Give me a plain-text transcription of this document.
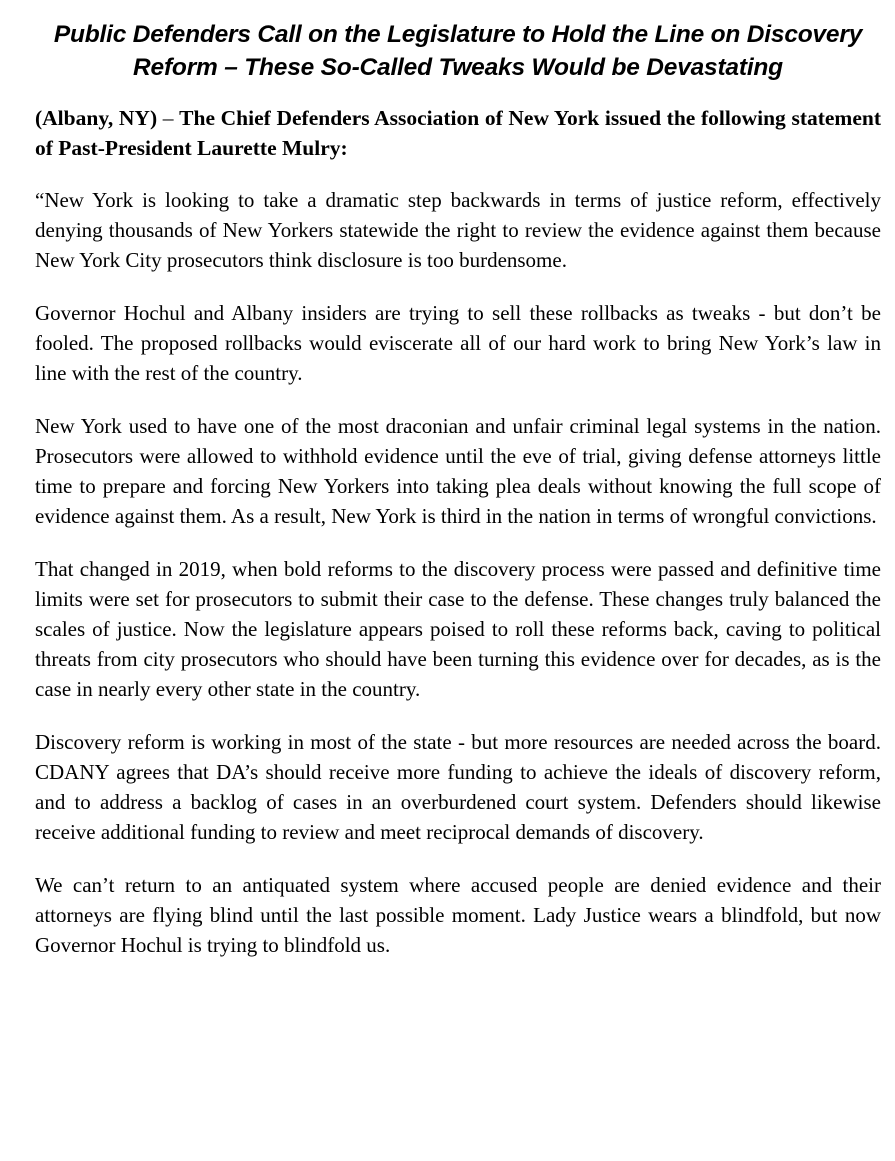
Public Defenders Call on the Legislature to Hold the Line on Discovery
Reform – These So-Called Tweaks Would be Devastating

(Albany, NY) – The Chief Defenders Association of New York issued the following statement of Past-President Laurette Mulry:

“New York is looking to take a dramatic step backwards in terms of justice reform, effectively denying thousands of New Yorkers statewide the right to review the evidence against them because New York City prosecutors think disclosure is too burdensome.

Governor Hochul and Albany insiders are trying to sell these rollbacks as tweaks - but don’t be fooled. The proposed rollbacks would eviscerate all of our hard work to bring New York’s law in line with the rest of the country.

New York used to have one of the most draconian and unfair criminal legal systems in the nation. Prosecutors were allowed to withhold evidence until the eve of trial, giving defense attorneys little time to prepare and forcing New Yorkers into taking plea deals without knowing the full scope of evidence against them. As a result, New York is third in the nation in terms of wrongful convictions.

That changed in 2019, when bold reforms to the discovery process were passed and definitive time limits were set for prosecutors to submit their case to the defense. These changes truly balanced the scales of justice. Now the legislature appears poised to roll these reforms back, caving to political threats from city prosecutors who should have been turning this evidence over for decades, as is the case in nearly every other state in the country.

Discovery reform is working in most of the state - but more resources are needed across the board. CDANY agrees that DA’s should receive more funding to achieve the ideals of discovery reform, and to address a backlog of cases in an overburdened court system. Defenders should likewise receive additional funding to review and meet reciprocal demands of discovery.

We can’t return to an antiquated system where accused people are denied evidence and their attorneys are flying blind until the last possible moment. Lady Justice wears a blindfold, but now Governor Hochul is trying to blindfold us.
